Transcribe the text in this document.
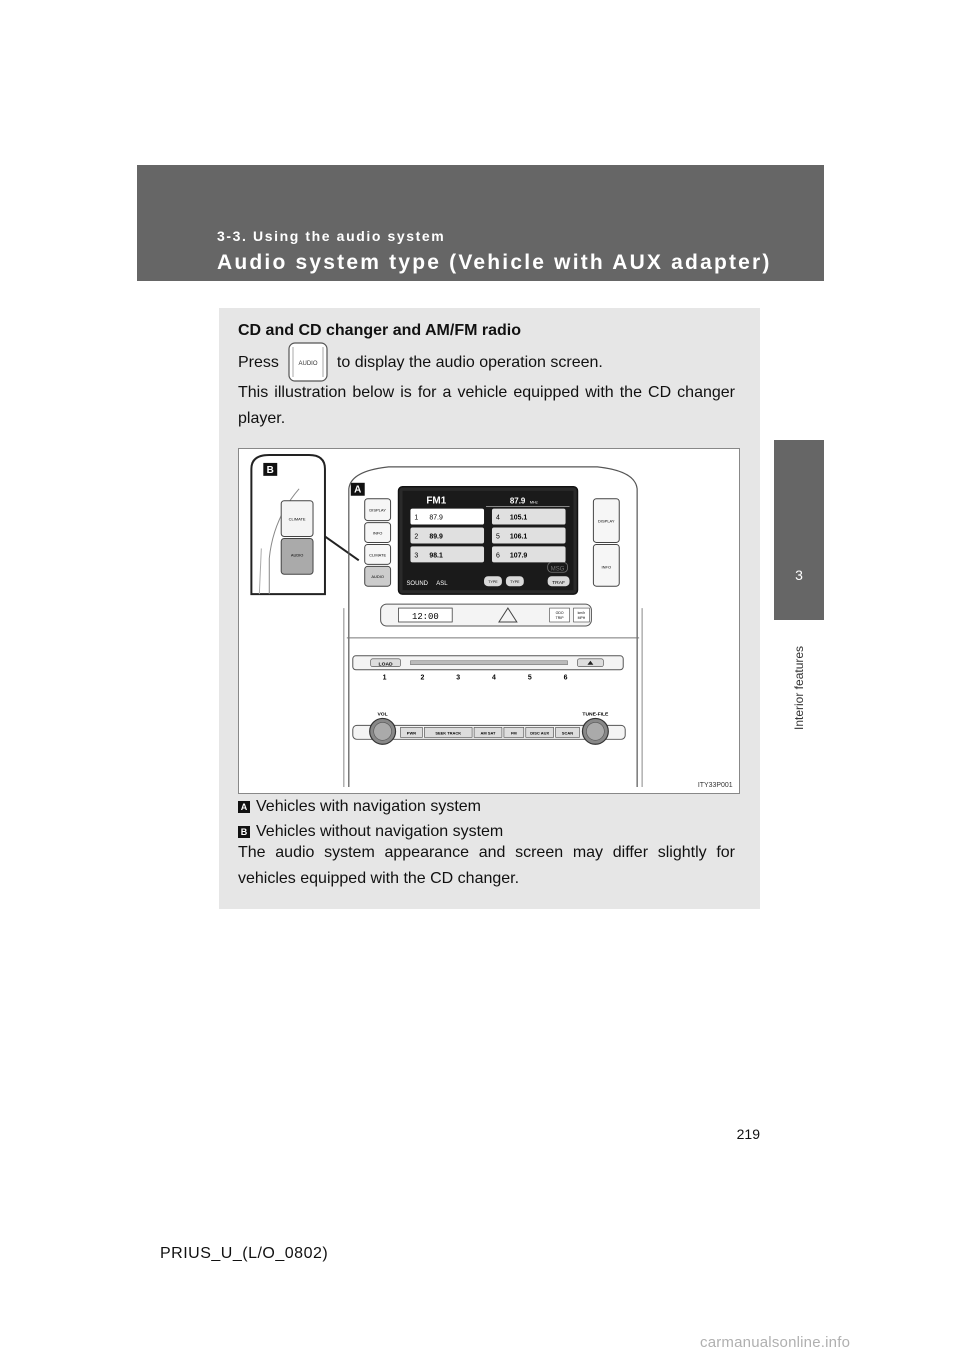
3-3. Using the audio system
Audio system type (Vehicle with AUX adapter)
3
Interior features
CD and CD changer and AM/FM radio
Press	AUDIO to display the audio operation screen.
This illustration below is for a vehicle equipped with the CD changer player.
CLIMATE
AUDIO
B
A
DISPLAY
INFO
CLIMATE
AUDIO
DISPLAY
INFO
FM1	87.9 MHz
1 87.9
2 89.9
3 98.1
4 105.1
5 106.1
6 107.9
SOUND ASL	TYPE	TYPE
MSG
TRAF
12:00	ODO
TRIP
km/h
MPH
LOAD
1	2	3	4	5	6
VOL	TUNE-FILE
PWR	SEEK TRACK	AM SAT	FM	DISC AUX	SCAN
ITY33P001
A Vehicles with navigation system
B Vehicles without navigation system
The audio system appearance and screen may differ slightly for vehicles equipped with the CD changer.
219
PRIUS_U_(L/O_0802)
carmanualsonline.info
